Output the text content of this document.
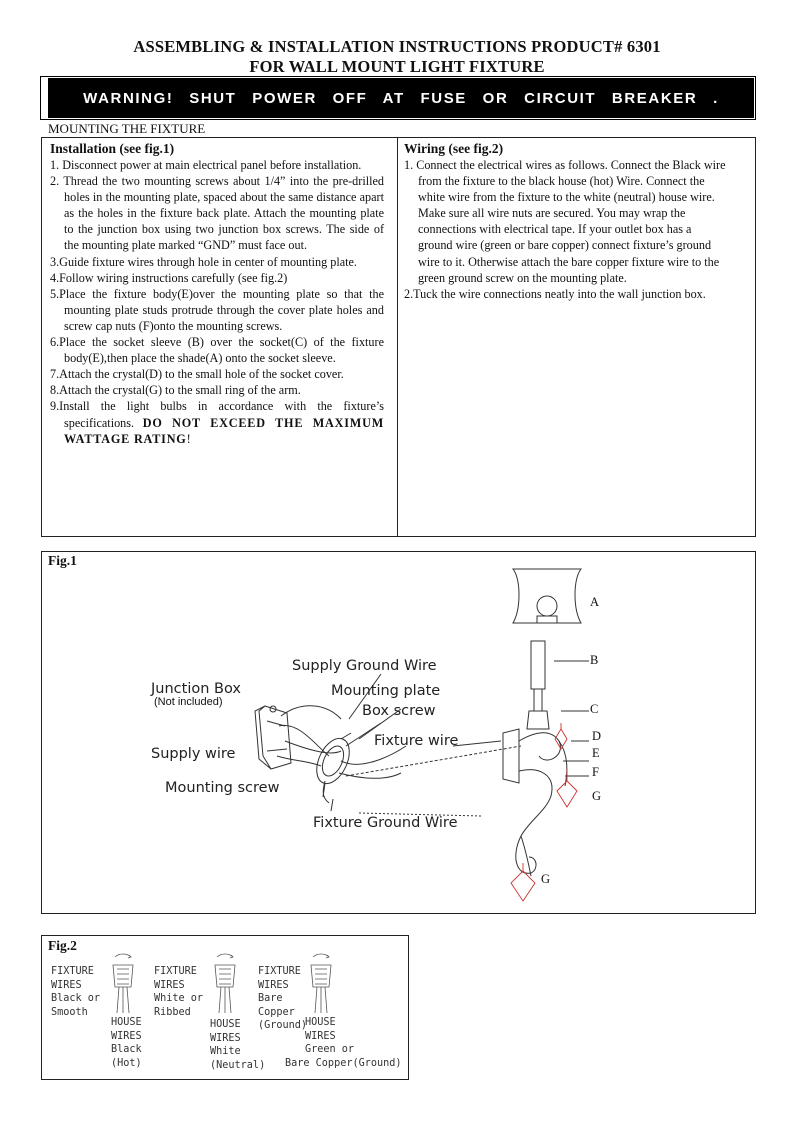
ASSEMBLING & INSTALLATION INSTRUCTIONS PRODUCT# 6301
FOR WALL MOUNT LIGHT FIXTURE
WARNING! SHUT POWER OFF AT FUSE OR CIRCUIT BREAKER .
MOUNTING THE FIXTURE
Installation (see fig.1)
1. Disconnect power at main electrical panel before installation.
2. Thread the two mounting screws about 1/4” into the pre-drilled holes in the mounting plate, spaced about the same distance apart as the holes in the fixture back plate. Attach the mounting plate to the junction box using two junction box screws. The side of the mounting plate marked “GND” must face out.
3.Guide fixture wires through hole in center of mounting plate.
4.Follow wiring instructions carefully (see fig.2)
5.Place the fixture body(E)over the mounting plate so that the mounting plate studs protrude through the cover plate holes and screw cap nuts (F)onto the mounting screws.
6.Place the socket sleeve (B) over the socket(C) of the fixture body(E),then place the shade(A) onto the socket sleeve.
7.Attach the crystal(D) to the small hole of the socket cover.
8.Attach the crystal(G) to the small ring of the arm.
9.Install the light bulbs in accordance with the fixture’s specifications. DO NOT EXCEED THE MAXIMUM WATTAGE RATING!
Wiring (see fig.2)
1. Connect the electrical wires as follows. Connect the Black wire from the fixture to the black house (hot) Wire. Connect the white wire from the fixture to the white (neutral) house wire. Make sure all wire nuts are secured. You may wrap the connections with electrical tape. If your outlet box has a ground wire (green or bare copper) connect fixture’s ground wire to it. Otherwise attach the bare copper fixture wire to the green ground screw on the mounting plate.
2.Tuck the wire connections neatly into the wall junction box.
Fig.1
Supply Ground Wire
Junction Box
(Not included)
Mounting plate
Box screw
Fixture wire
Supply wire
Mounting screw
Fixture Ground Wire
A
B
C
D
E
F
G
G
Fig.2
FIXTURE
WIRES
Black or
Smooth
HOUSE
WIRES
Black
(Hot)
FIXTURE
WIRES
White or
Ribbed
HOUSE
WIRES
White
(Neutral)
FIXTURE
WIRES
Bare
Copper
(Ground)
HOUSE
WIRES
Green or
Bare Copper(Ground)
